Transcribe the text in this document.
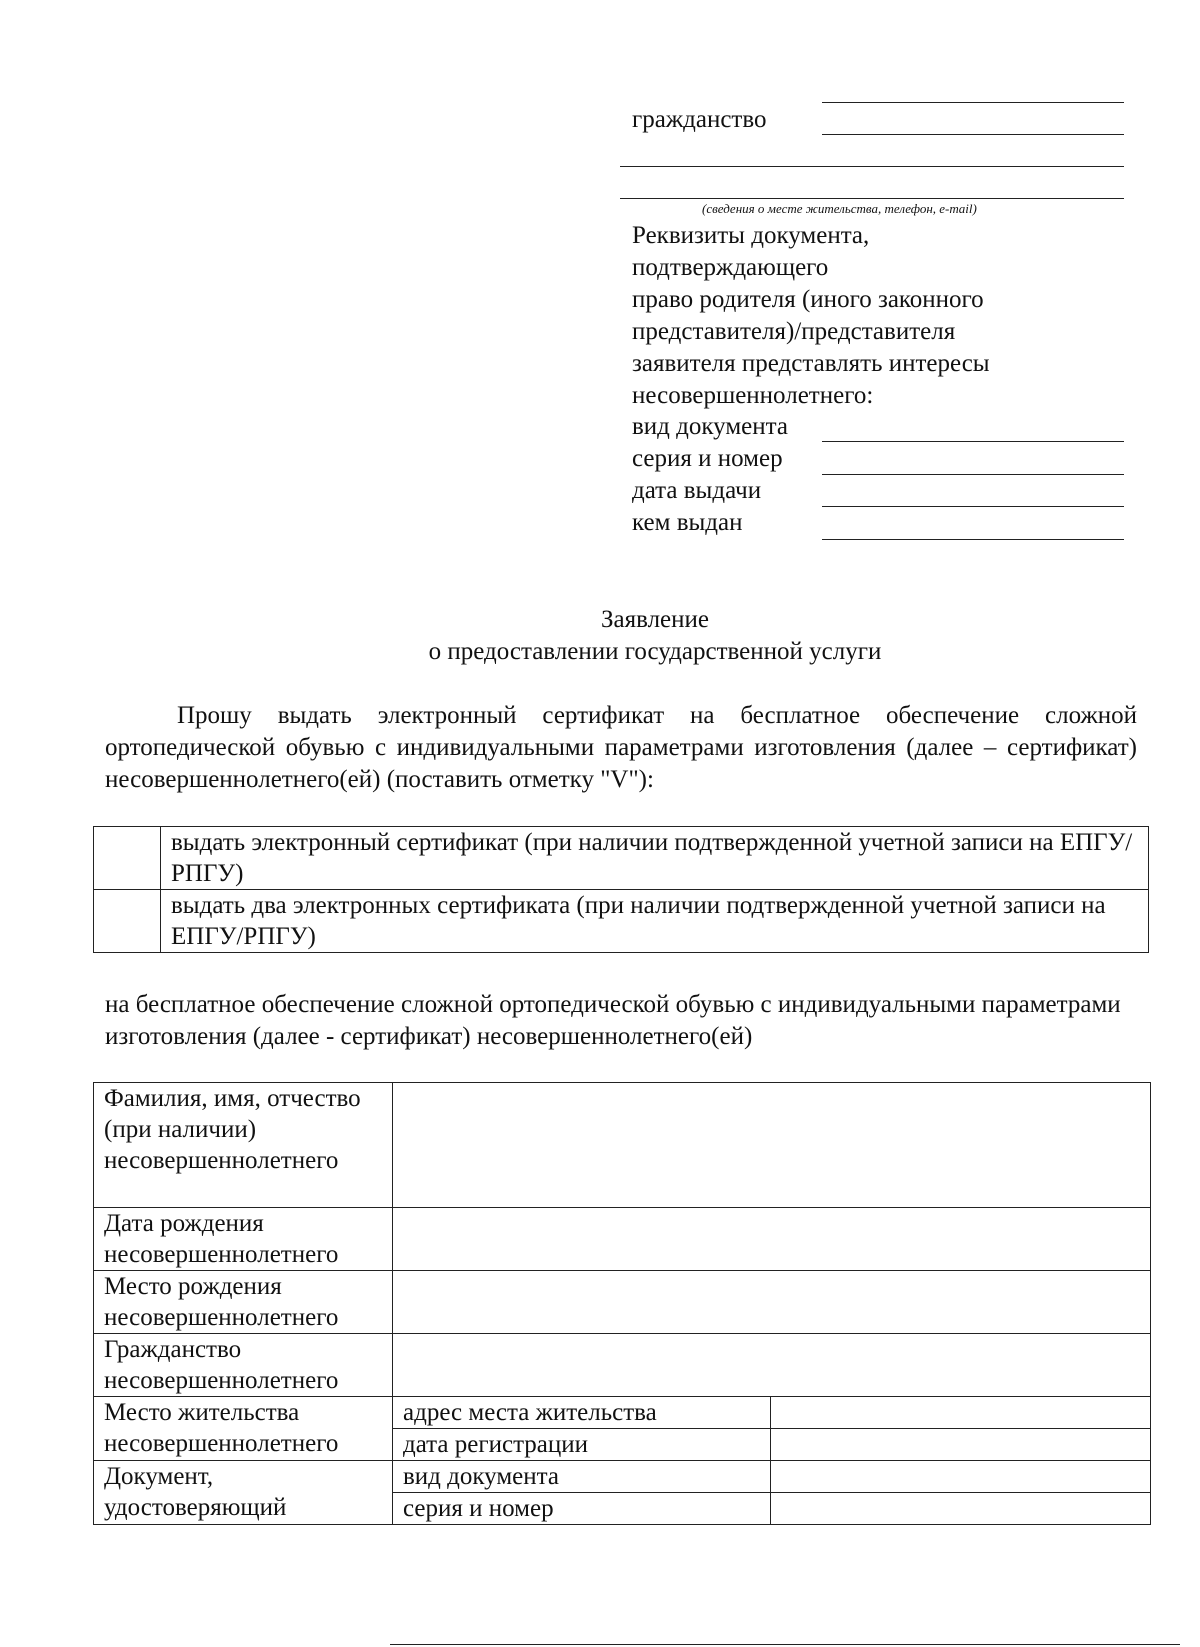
гражданство
(сведения о месте жительства, телефон, e-mail)
Реквизиты документа,
подтверждающего
право родителя (иного законного
представителя)/представителя
заявителя представлять интересы
несовершеннолетнего:
вид документа
серия и номер
дата выдачи
кем выдан
Заявление
о предоставлении государственной услуги
Прошу выдать электронный сертификат на бесплатное обеспечение сложной ортопедической обувью с индивидуальными параметрами изготовления (далее – сертификат) несовершеннолетнего(ей) (поставить отметку "V"):
	выдать электронный сертификат (при наличии подтвержденной учетной записи на ЕПГУ/РПГУ)
	выдать два электронных сертификата (при наличии подтвержденной учетной записи на ЕПГУ/РПГУ)
на бесплатное обеспечение сложной ортопедической обувью с индивидуальными параметрами изготовления (далее - сертификат) несовершеннолетнего(ей)
Фамилия, имя, отчество (при наличии) несовершеннолетнего		
Дата рождения несовершеннолетнего		
Место рождения несовершеннолетнего		
Гражданство несовершеннолетнего		
Место жительства несовершеннолетнего	адрес места жительства	
	дата регистрации	
Документ, удостоверяющий	вид документа	
	серия и номер	
